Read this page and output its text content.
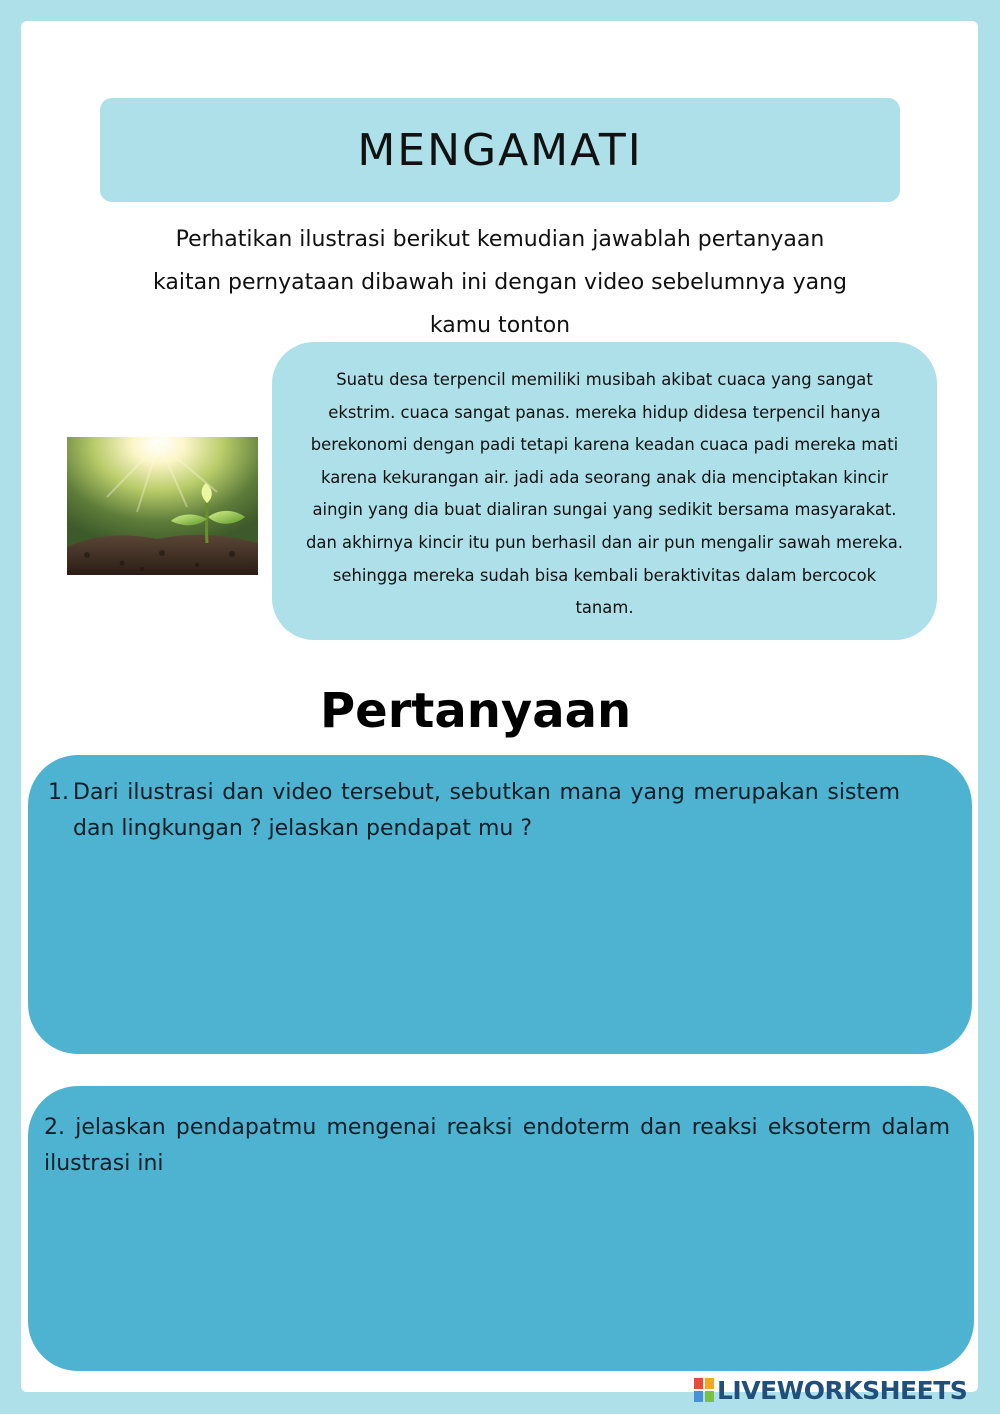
MENGAMATI

Perhatikan ilustrasi berikut kemudian jawablah pertanyaan
kaitan pernyataan dibawah ini dengan video sebelumnya yang
kamu tonton

Suatu desa terpencil memiliki musibah akibat cuaca yang sangat
ekstrim. cuaca sangat panas. mereka hidup didesa terpencil hanya
berekonomi dengan padi tetapi karena keadan cuaca padi mereka mati
karena kekurangan air. jadi ada seorang anak dia menciptakan kincir
aingin yang dia buat dialiran sungai yang sedikit bersama masyarakat.
dan akhirnya kincir itu pun berhasil dan air pun mengalir sawah mereka.
sehingga mereka sudah bisa kembali beraktivitas dalam bercocok
tanam.
Pertanyaan
1. Dari ilustrasi dan video tersebut, sebutkan mana yang merupakan sistem dan lingkungan ? jelaskan pendapat mu ?
2. jelaskan pendapatmu mengenai reaksi endoterm dan reaksi eksoterm dalam ilustrasi ini
LIVEWORKSHEETS
